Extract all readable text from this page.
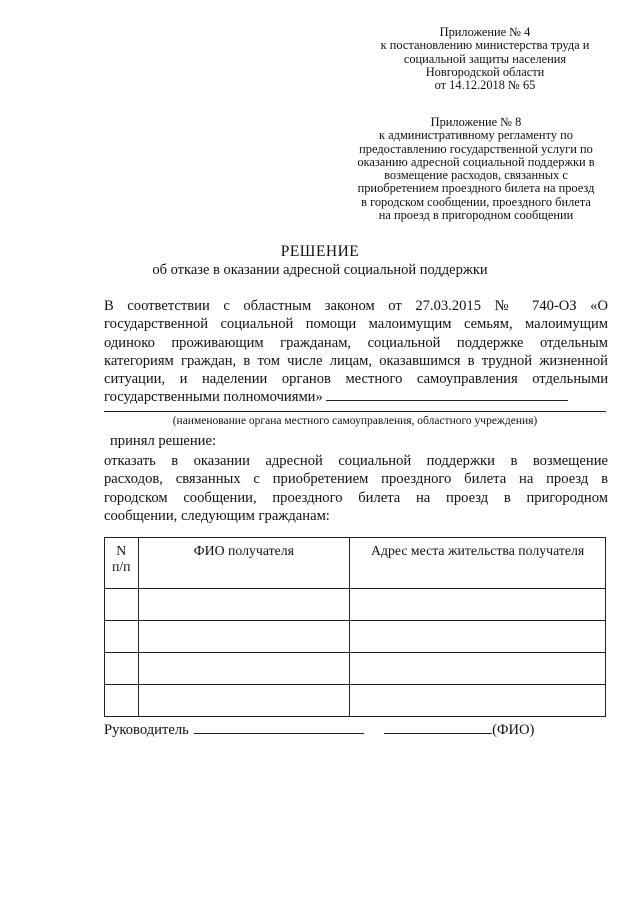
Приложение № 4
к постановлению министерства труда и
социальной защиты населения
Новгородской области
от 14.12.2018 № 65
Приложение № 8
к административному регламенту по
предоставлению государственной услуги по
оказанию адресной социальной поддержки в
возмещение расходов, связанных с
приобретением проездного билета на проезд
в городском сообщении, проездного билета
на проезд в пригородном сообщении
РЕШЕНИЕ
об отказе в оказании адресной социальной поддержки
В соответствии с областным законом от 27.03.2015 № 740-ОЗ «О
государственной социальной помощи малоимущим семьям, малоимущим
одиноко проживающим гражданам, социальной поддержке отдельным
категориям граждан, в том числе лицам, оказавшимся в трудной жизненной
ситуации, и наделении органов местного самоуправления отдельными
государственными полномочиями»
(наименование органа местного самоуправления, областного учреждения)
принял решение:
отказать в оказании адресной социальной поддержки в возмещение
расходов, связанных с приобретением проездного билета на проезд в
городском сообщении, проездного билета на проезд в пригородном
сообщении, следующим гражданам:
N
п/п	ФИО получателя	Адрес места жительства получателя

Руководитель	(ФИО)
